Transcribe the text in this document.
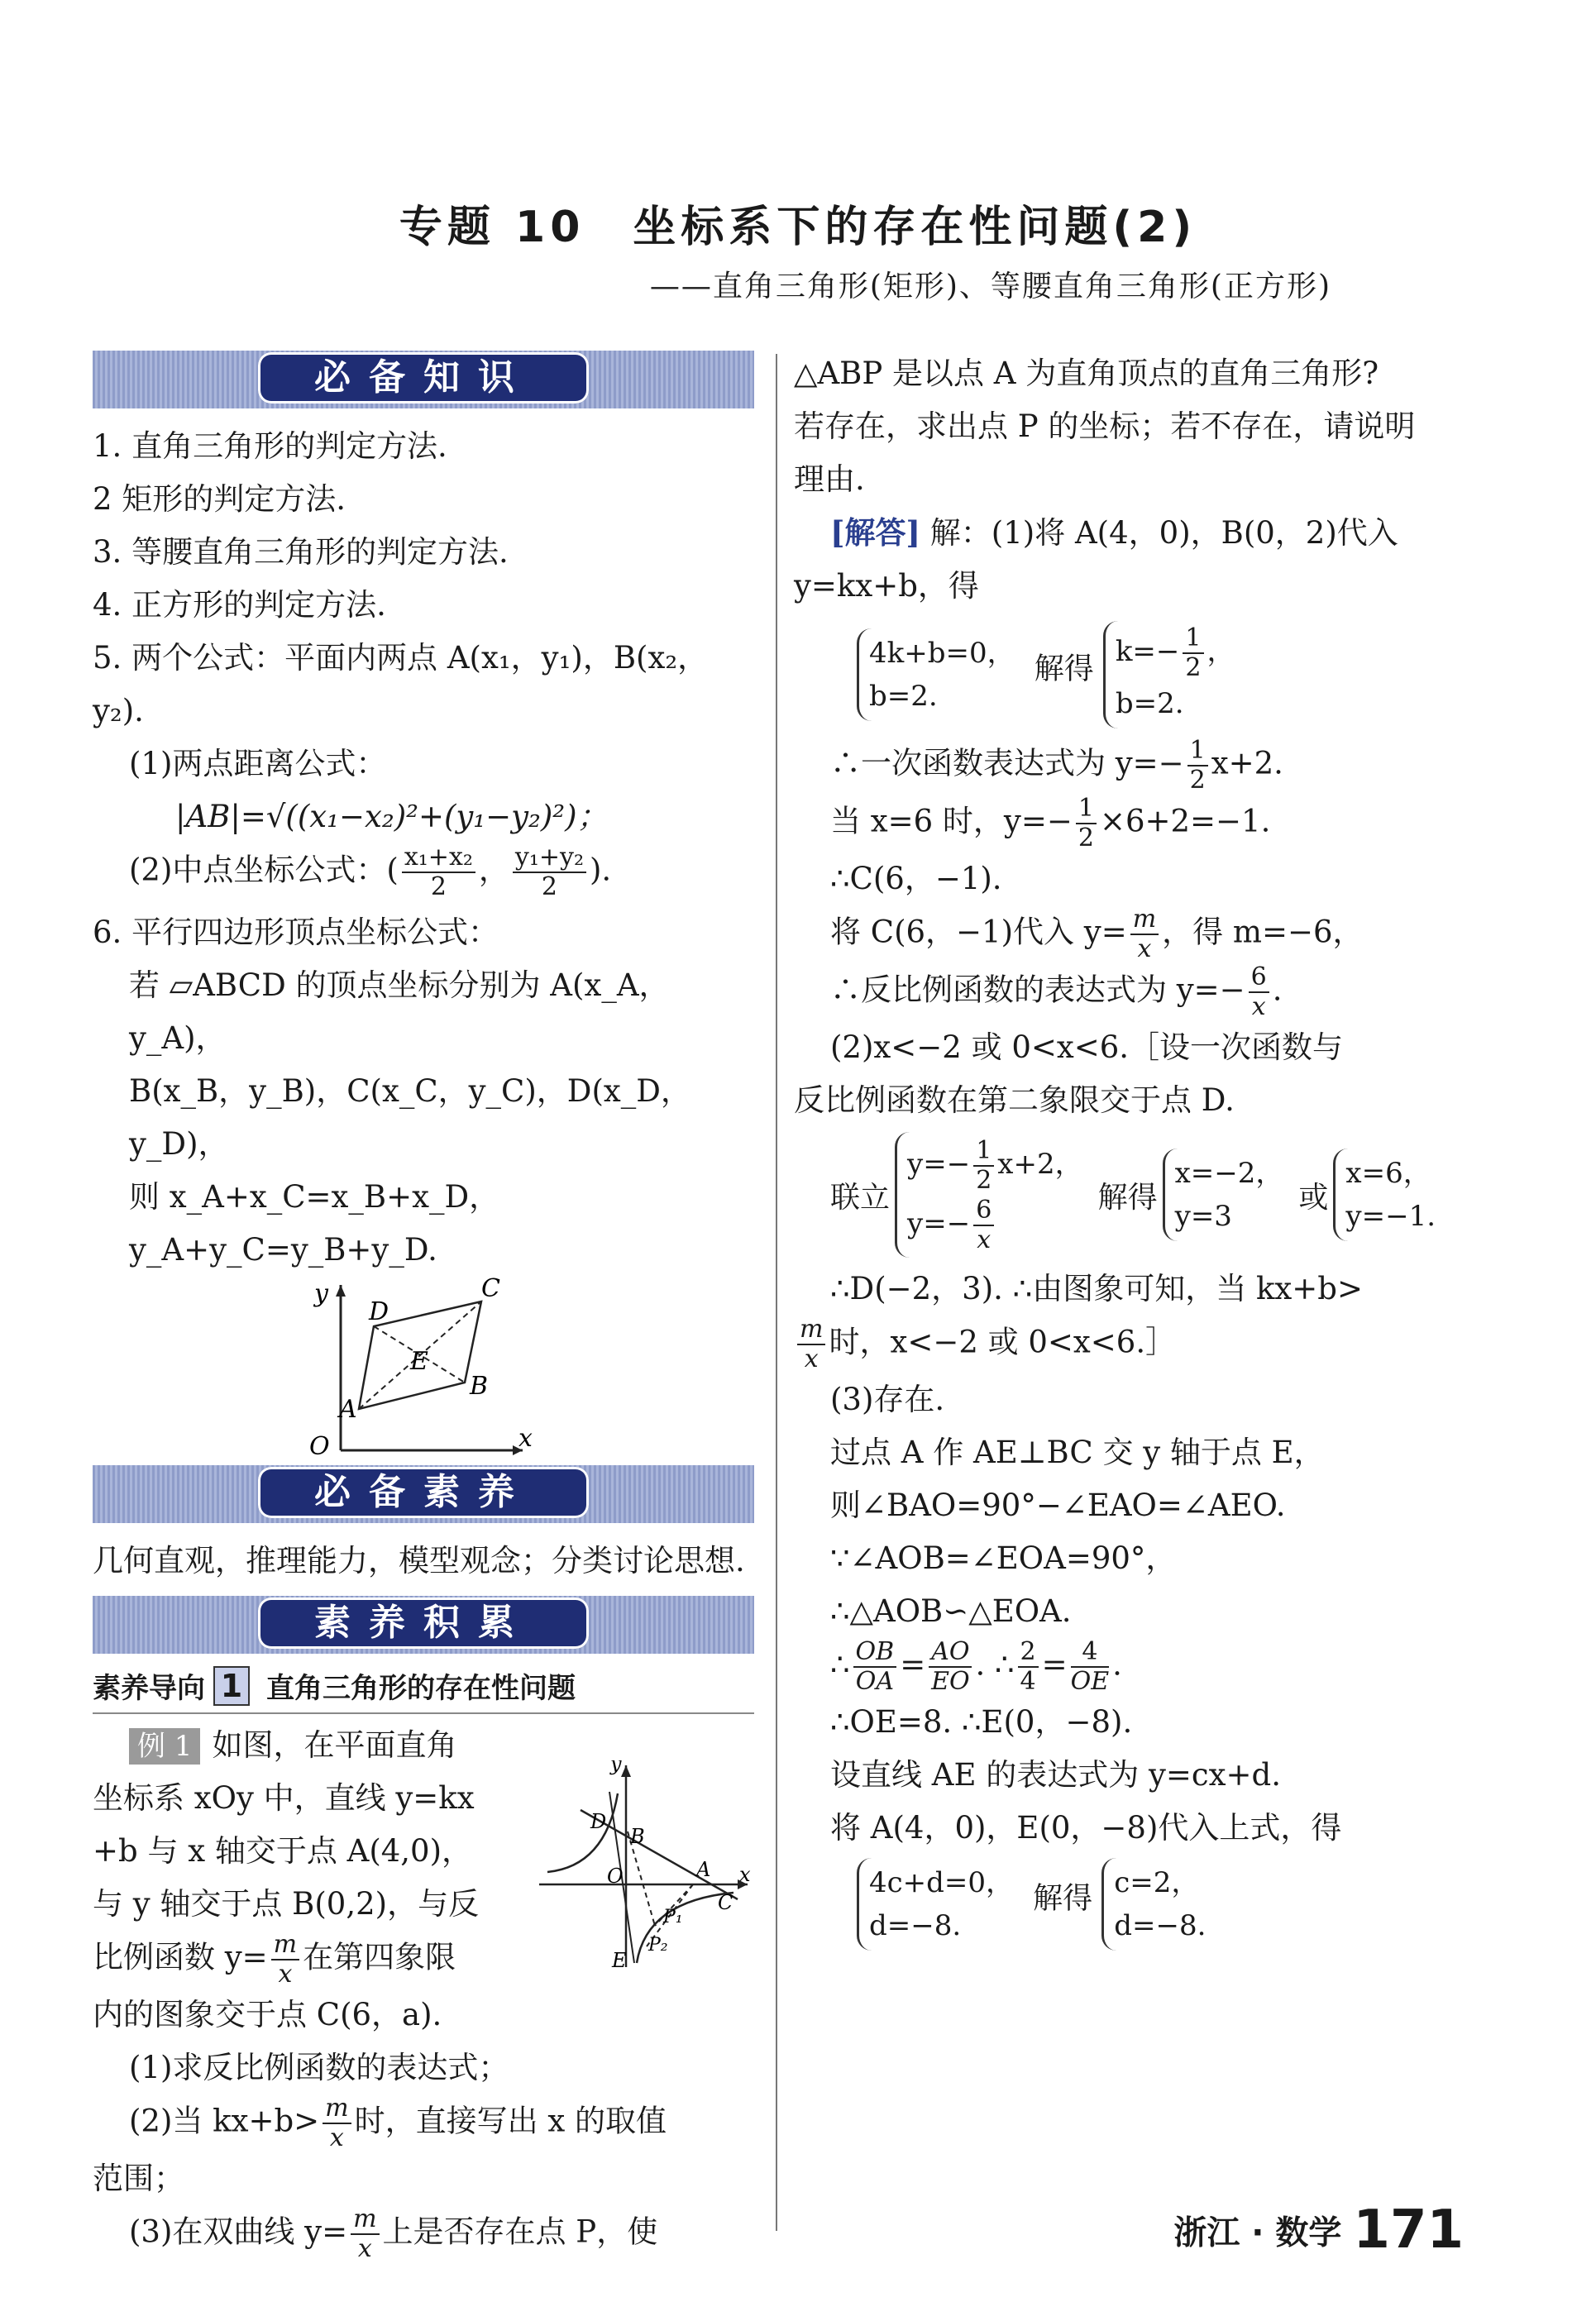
专题 10　坐标系下的存在性问题(2)
——直角三角形(矩形)、等腰直角三角形(正方形)
必备知识

1. 直角三角形的判定方法.

2 矩形的判定方法.

3. 等腰直角三角形的判定方法.

4. 正方形的判定方法.

5. 两个公式：平面内两点 A(x₁，y₁)，B(x₂，y₂).

(1)两点距离公式：

|AB|=√((x₁−x₂)²+(y₁−y₂)²)；

(2)中点坐标公式：( $\frac{\text{x₁+x₂}}{2}$ ， $\frac{\text{y₁+y₂}}{2}$ ).

6. 平行四边形顶点坐标公式：

若 ▱ABCD 的顶点坐标分别为 A(x_A，y_A)，

B(x_B，y_B)，C(x_C，y_C)，D(x_D，y_D)，

则 x_A+x_C=x_B+x_D，y_A+y_C=y_B+y_D.

y
x
O
A
B
C
D
E
必备素养

几何直观，推理能力，模型观念；分类讨论思想.

素养积累
素养导向 1 直角三角形的存在性问题
y
x
O	A
B
C
D
E
P₁
P₂

例 1 如图，在平面直角

坐标系 xOy 中，直线 y=kx

+b 与 x 轴交于点 A(4,0)，

与 y 轴交于点 B(0,2)，与反

比例函数 $y= \frac{m}{x}$ 在第四象限

内的图象交于点 C(6，a).

(1)求反比例函数的表达式；

(2)当 $kx+b> \frac{m}{x}$ 时，直接写出 x 的取值

范围；

(3)在双曲线 $y= \frac{m}{x}$ 上是否存在点 P，使

△ABP 是以点 A 为直角顶点的直角三角形?

若存在，求出点 P 的坐标；若不存在，请说明

理由.

[解答] 解：(1)将 A(4，0)，B(0，2)代入

y=kx+b，得

4k+b=0，
b=2. 解得 $k=- \frac{1}{2}$ ，
b=2.

∴一次函数表达式为 $y=- \frac{1}{2} x+2$.

当 x=6 时，$y=- \frac{1}{2} \times 6+2=-1$.

∴C(6，−1).

将 C(6，−1)代入 $y= \frac{m}{x}$ ，得 m=−6，

∴反比例函数的表达式为 $y=- \frac{6}{x}$ .

(2)x<−2 或 0<x<6.［设一次函数与

反比例函数在第二象限交于点 D.

联立
$y=- \frac{1}{2} x+2$，
$y=- \frac{6}{x}$	解得
x=−2，
y=3
或
x=6，
y=−1.

∴D(−2，3). ∴由图象可知，当 kx+b>

$\frac{m}{x}$ 时，x<−2 或 0<x<6.］

(3)存在.

过点 A 作 AE⊥BC 交 y 轴于点 E，

则∠BAO=90°−∠EAO=∠AEO.

∵∠AOB=∠EOA=90°，

∴△AOB∽△EOA.

∴ $\frac{OB}{OA} = \frac{AO}{EO}$ . ∴ $\frac{2}{4} = \frac{4}{OE}$ .

∴OE=8. ∴E(0，−8).

设直线 AE 的表达式为 y=cx+d.

将 A(4，0)，E(0，−8)代入上式，得

4c+d=0，
d=−8. 解得 c=2，
d=−8.
浙江 · 数学 171
